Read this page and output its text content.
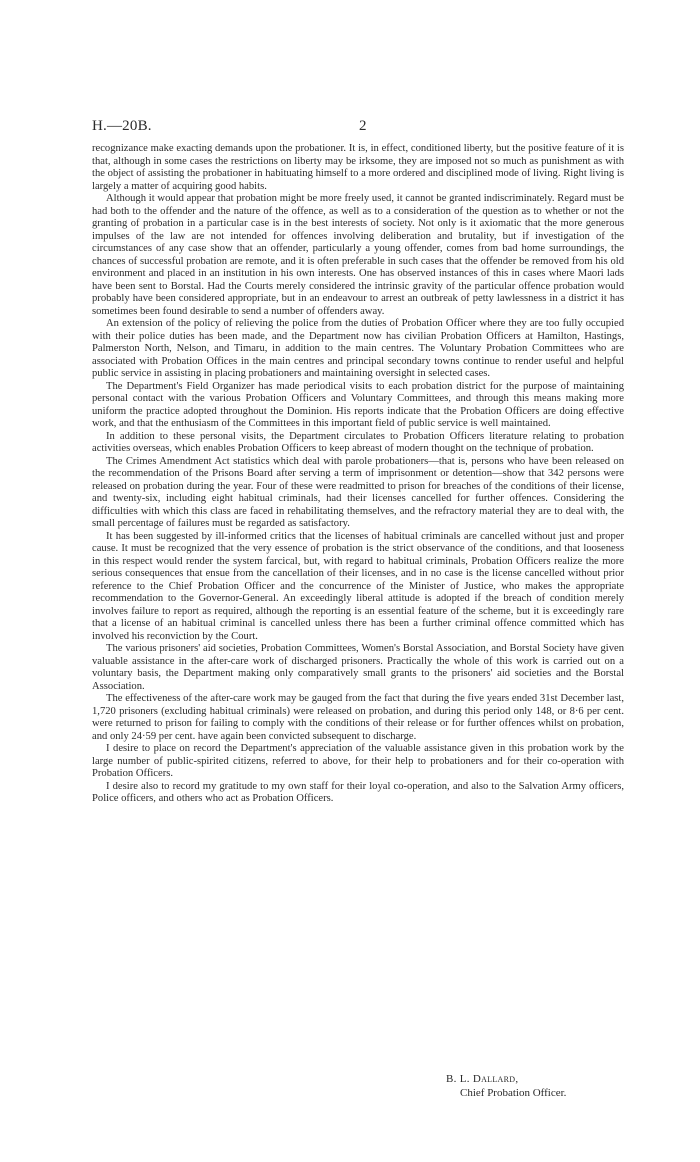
H.—20B.	2

recognizance make exacting demands upon the probationer. It is, in effect, conditioned liberty, but the positive feature of it is that, although in some cases the restrictions on liberty may be irksome, they are imposed not so much as punishment as with the object of assisting the probationer in habituating himself to a more ordered and disciplined mode of living. Right living is largely a matter of acquiring good habits.

Although it would appear that probation might be more freely used, it cannot be granted indiscriminately. Regard must be had both to the offender and the nature of the offence, as well as to a consideration of the question as to whether or not the granting of probation in a particular case is in the best interests of society. Not only is it axiomatic that the more generous impulses of the law are not intended for offences involving deliberation and brutality, but if investigation of the circumstances of any case show that an offender, particularly a young offender, comes from bad home surroundings, the chances of successful probation are remote, and it is often preferable in such cases that the offender be removed from his old environment and placed in an institution in his own interests. One has observed instances of this in cases where Maori lads have been sent to Borstal. Had the Courts merely considered the intrinsic gravity of the particular offence probation would probably have been considered appropriate, but in an endeavour to arrest an outbreak of petty lawlessness in a district it has sometimes been found desirable to send a number of offenders away.

An extension of the policy of relieving the police from the duties of Probation Officer where they are too fully occupied with their police duties has been made, and the Department now has civilian Probation Officers at Hamilton, Hastings, Palmerston North, Nelson, and Timaru, in addition to the main centres. The Voluntary Probation Committees who are associated with Probation Offices in the main centres and principal secondary towns continue to render useful and helpful public service in assisting in placing probationers and maintaining oversight in selected cases.

The Department's Field Organizer has made periodical visits to each probation district for the purpose of maintaining personal contact with the various Probation Officers and Voluntary Committees, and through this means making more uniform the practice adopted throughout the Dominion. His reports indicate that the Probation Officers are doing effective work, and that the enthusiasm of the Committees in this important field of public service is well maintained.

In addition to these personal visits, the Department circulates to Probation Officers literature relating to probation activities overseas, which enables Probation Officers to keep abreast of modern thought on the technique of probation.

The Crimes Amendment Act statistics which deal with parole probationers—that is, persons who have been released on the recommendation of the Prisons Board after serving a term of imprisonment or detention—show that 342 persons were released on probation during the year. Four of these were readmitted to prison for breaches of the conditions of their license, and twenty-six, including eight habitual criminals, had their licenses cancelled for further offences. Considering the difficulties with which this class are faced in rehabilitating themselves, and the refractory material they are to deal with, the small percentage of failures must be regarded as satisfactory.

It has been suggested by ill-informed critics that the licenses of habitual criminals are cancelled without just and proper cause. It must be recognized that the very essence of probation is the strict observance of the conditions, and that looseness in this respect would render the system farcical, but, with regard to habitual criminals, Probation Officers realize the more serious consequences that ensue from the cancellation of their licenses, and in no case is the license cancelled without prior reference to the Chief Probation Officer and the concurrence of the Minister of Justice, who makes the appropriate recommendation to the Governor-General. An exceedingly liberal attitude is adopted if the breach of condition merely involves failure to report as required, although the reporting is an essential feature of the scheme, but it is exceedingly rare that a license of an habitual criminal is cancelled unless there has been a further criminal offence committed which has involved his reconviction by the Court.

The various prisoners' aid societies, Probation Committees, Women's Borstal Association, and Borstal Society have given valuable assistance in the after-care work of discharged prisoners. Practically the whole of this work is carried out on a voluntary basis, the Department making only comparatively small grants to the prisoners' aid societies and the Borstal Association.

The effectiveness of the after-care work may be gauged from the fact that during the five years ended 31st December last, 1,720 prisoners (excluding habitual criminals) were released on probation, and during this period only 148, or 8·6 per cent. were returned to prison for failing to comply with the conditions of their release or for further offences whilst on probation, and only 24·59 per cent. have again been convicted subsequent to discharge.

I desire to place on record the Department's appreciation of the valuable assistance given in this probation work by the large number of public-spirited citizens, referred to above, for their help to probationers and for their co-operation with Probation Officers.

I desire also to record my gratitude to my own staff for their loyal co-operation, and also to the Salvation Army officers, Police officers, and others who act as Probation Officers.

B. L. Dallard,
Chief Probation Officer.
